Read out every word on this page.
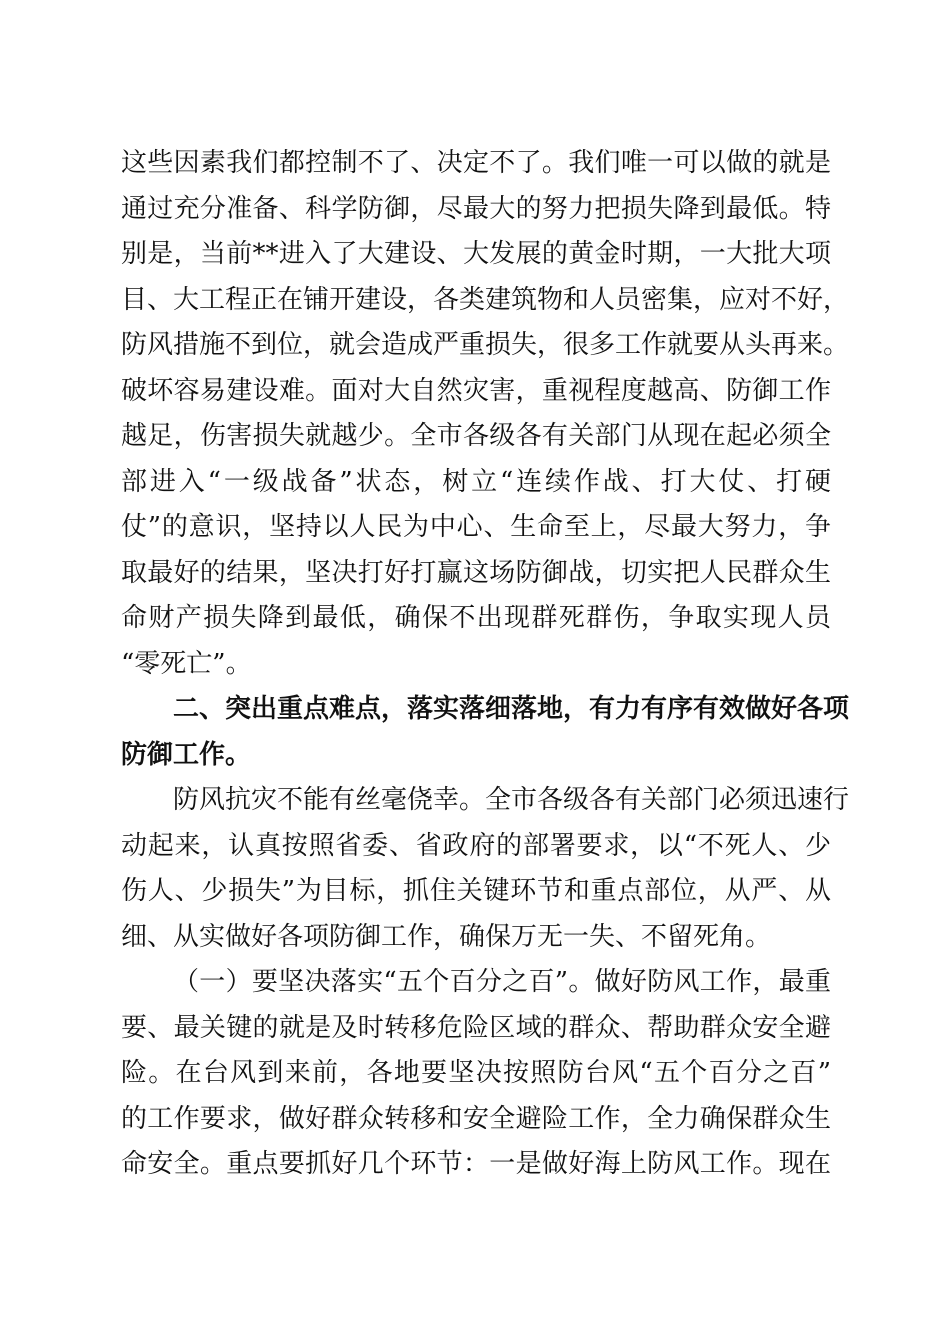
这些因素我们都控制不了、决定不了。我们唯一可以做的就是
通过充分准备、科学防御，尽最大的努力把损失降到最低。特
别是，当前**进入了大建设、大发展的黄金时期，一大批大项
目、大工程正在铺开建设，各类建筑物和人员密集，应对不好，
防风措施不到位，就会造成严重损失，很多工作就要从头再来。
破坏容易建设难。面对大自然灾害，重视程度越高、防御工作
越足，伤害损失就越少。全市各级各有关部门从现在起必须全
部进入“一级战备”状态，树立“连续作战、打大仗、打硬
仗”的意识，坚持以人民为中心、生命至上，尽最大努力，争
取最好的结果，坚决打好打赢这场防御战，切实把人民群众生
命财产损失降到最低，确保不出现群死群伤，争取实现人员
“零死亡”。
二、突出重点难点，落实落细落地，有力有序有效做好各项
防御工作。
防风抗灾不能有丝毫侥幸。全市各级各有关部门必须迅速行
动起来，认真按照省委、省政府的部署要求，以“不死人、少
伤人、少损失”为目标，抓住关键环节和重点部位，从严、从
细、从实做好各项防御工作，确保万无一失、不留死角。
（一）要坚决落实“五个百分之百”。做好防风工作，最重
要、最关键的就是及时转移危险区域的群众、帮助群众安全避
险。在台风到来前，各地要坚决按照防台风“五个百分之百”
的工作要求，做好群众转移和安全避险工作，全力确保群众生
命安全。重点要抓好几个环节：一是做好海上防风工作。现在
